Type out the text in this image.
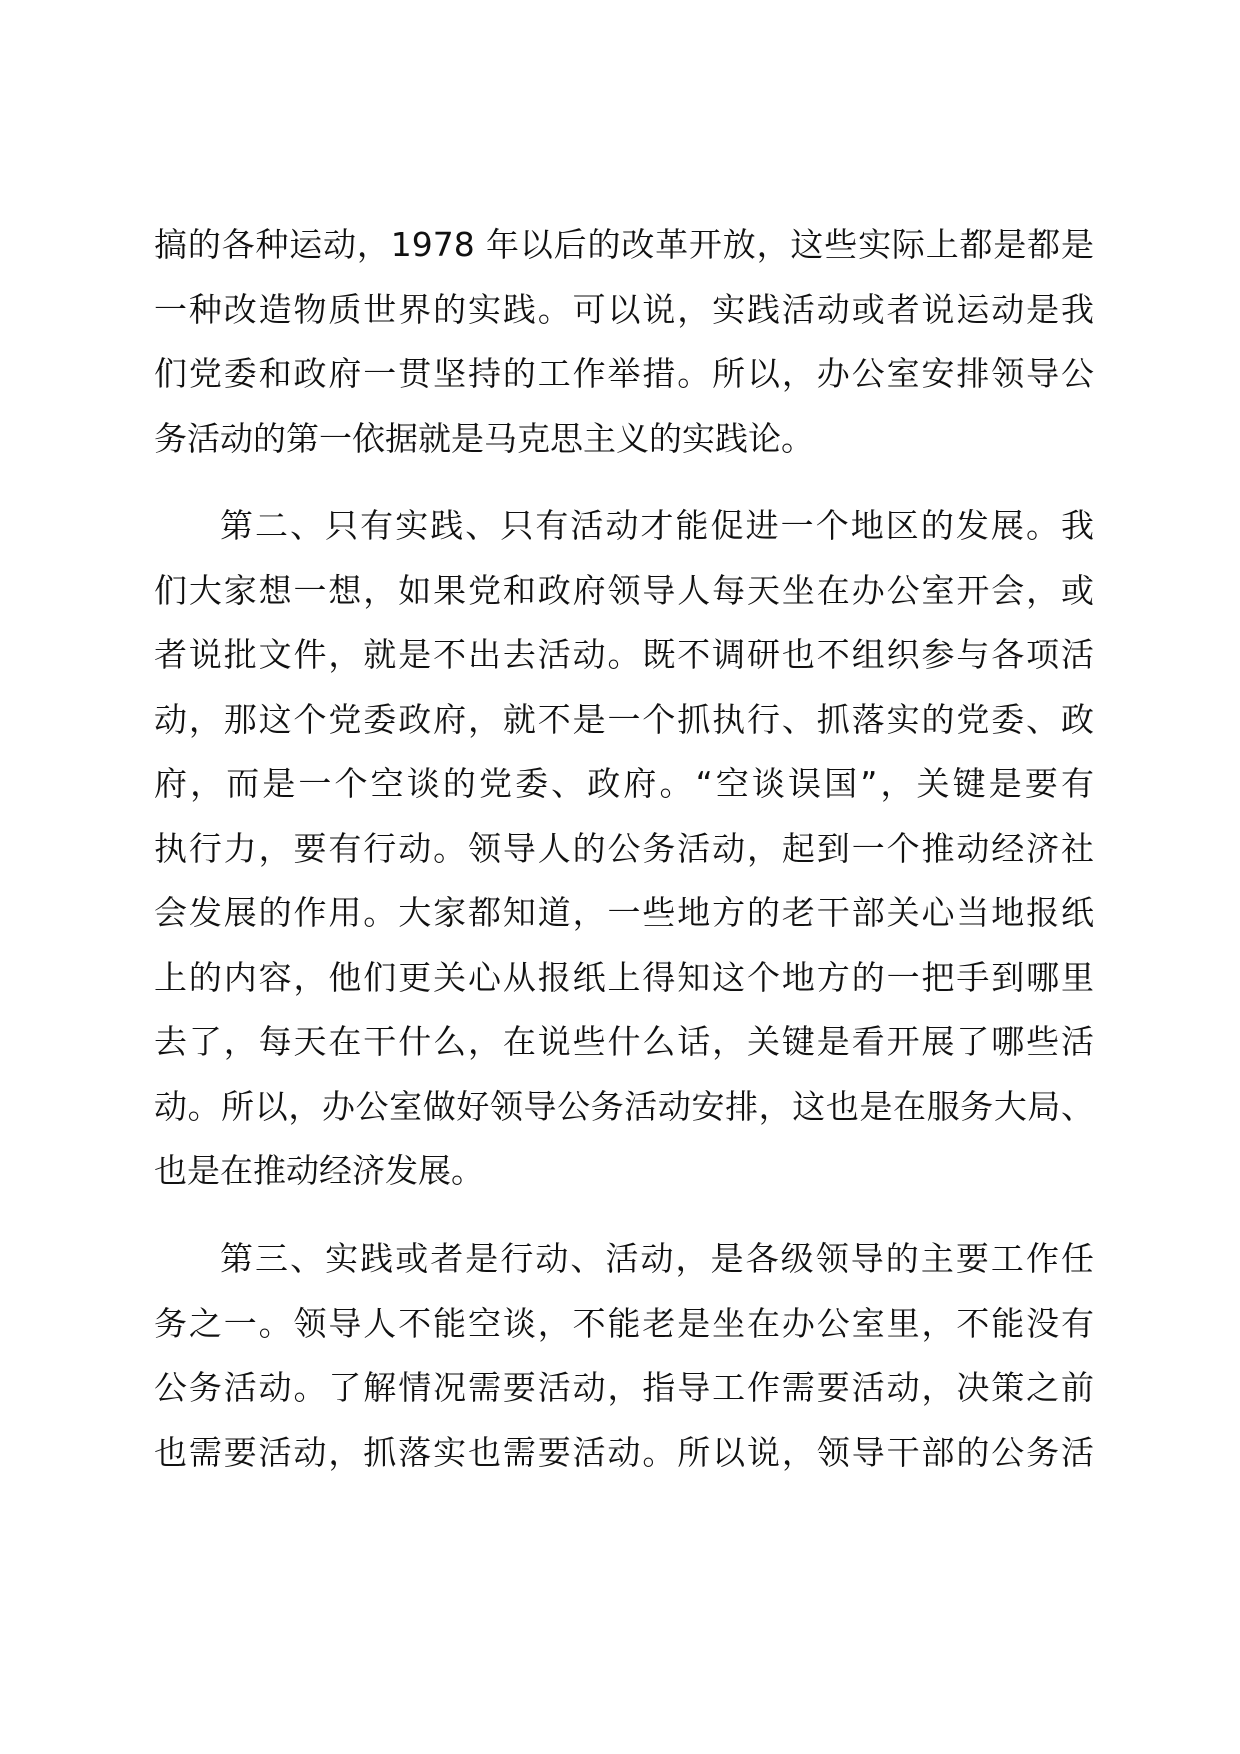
搞的各种运动，1978 年以后的改革开放，这些实际上都是都是
一种改造物质世界的实践。可以说，实践活动或者说运动是我
们党委和政府一贯坚持的工作举措。所以，办公室安排领导公
务活动的第一依据就是马克思主义的实践论。
第二、只有实践、只有活动才能促进一个地区的发展。我
们大家想一想，如果党和政府领导人每天坐在办公室开会，或
者说批文件，就是不出去活动。既不调研也不组织参与各项活
动，那这个党委政府，就不是一个抓执行、抓落实的党委、政
府，而是一个空谈的党委、政府。“空谈误国”，关键是要有
执行力，要有行动。领导人的公务活动，起到一个推动经济社
会发展的作用。大家都知道，一些地方的老干部关心当地报纸
上的内容，他们更关心从报纸上得知这个地方的一把手到哪里
去了，每天在干什么，在说些什么话，关键是看开展了哪些活
动。所以，办公室做好领导公务活动安排，这也是在服务大局、
也是在推动经济发展。
第三、实践或者是行动、活动，是各级领导的主要工作任
务之一。领导人不能空谈，不能老是坐在办公室里，不能没有
公务活动。了解情况需要活动，指导工作需要活动，决策之前
也需要活动，抓落实也需要活动。所以说，领导干部的公务活
